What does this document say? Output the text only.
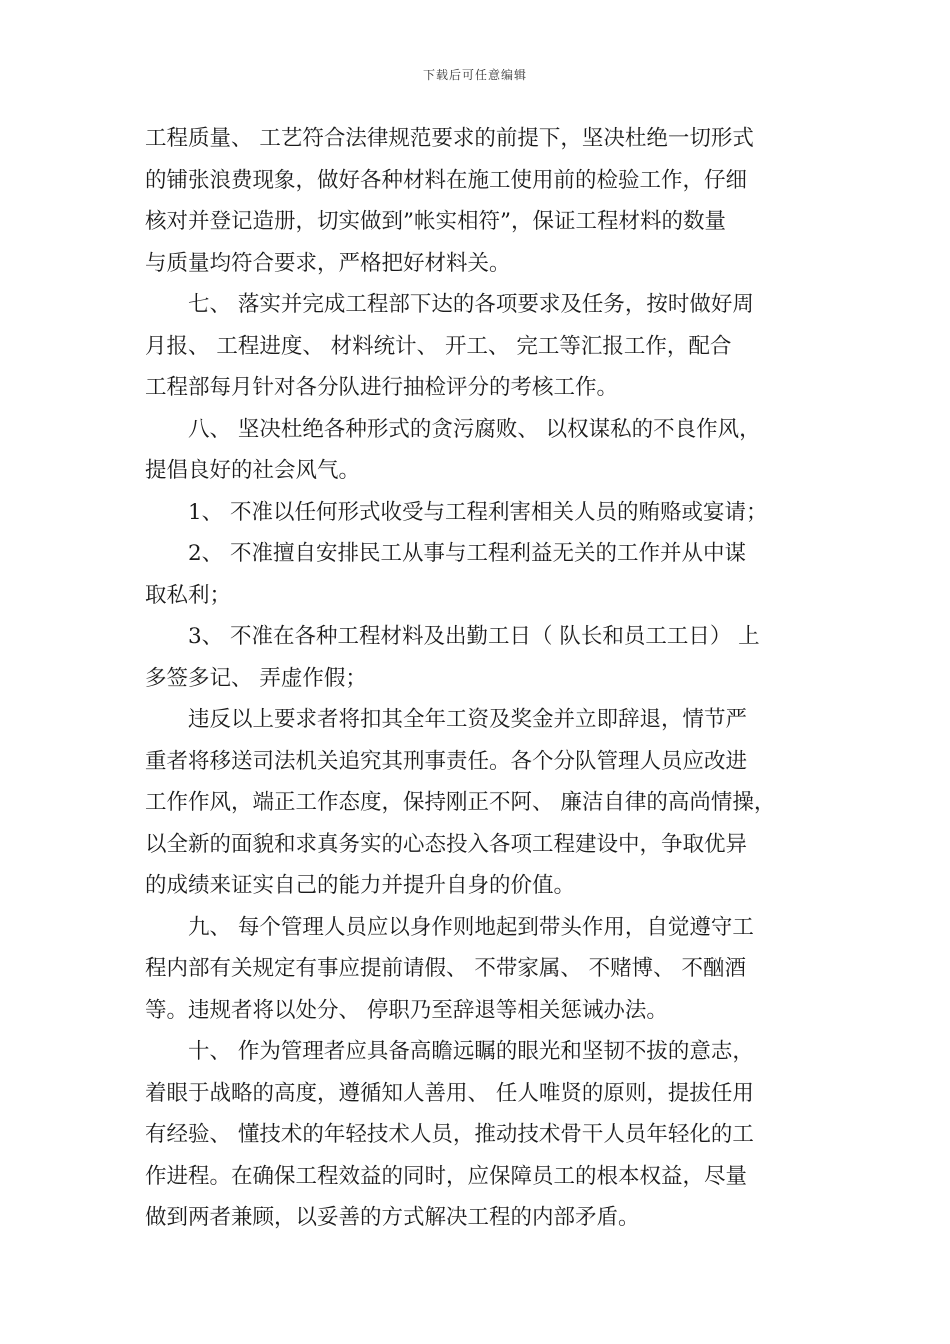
下载后可任意编辑
工程质量、 工艺符合法律规范要求的前提下，坚决杜绝一切形式
的铺张浪费现象，做好各种材料在施工使用前的检验工作，仔细
核对并登记造册，切实做到”帐实相符”，保证工程材料的数量
与质量均符合要求，严格把好材料关。
七、 落实并完成工程部下达的各项要求及任务，按时做好周
月报、 工程进度、 材料统计、 开工、 完工等汇报工作，配合
工程部每月针对各分队进行抽检评分的考核工作。
八、 坚决杜绝各种形式的贪污腐败、 以权谋私的不良作风，
提倡良好的社会风气。
1、 不准以任何形式收受与工程利害相关人员的贿赂或宴请；
2、 不准擅自安排民工从事与工程利益无关的工作并从中谋
取私利；
3、 不准在各种工程材料及出勤工日（ 队长和员工工日） 上
多签多记、 弄虚作假；
违反以上要求者将扣其全年工资及奖金并立即辞退，情节严
重者将移送司法机关追究其刑事责任。各个分队管理人员应改进
工作作风，端正工作态度，保持刚正不阿、 廉洁自律的高尚情操，
以全新的面貌和求真务实的心态投入各项工程建设中，争取优异
的成绩来证实自己的能力并提升自身的价值。
九、 每个管理人员应以身作则地起到带头作用，自觉遵守工
程内部有关规定有事应提前请假、 不带家属、 不赌博、 不酗酒
等。违规者将以处分、 停职乃至辞退等相关惩诫办法。
十、 作为管理者应具备高瞻远瞩的眼光和坚韧不拔的意志，
着眼于战略的高度，遵循知人善用、 任人唯贤的原则，提拔任用
有经验、 懂技术的年轻技术人员，推动技术骨干人员年轻化的工
作进程。在确保工程效益的同时，应保障员工的根本权益，尽量
做到两者兼顾，以妥善的方式解决工程的内部矛盾。
